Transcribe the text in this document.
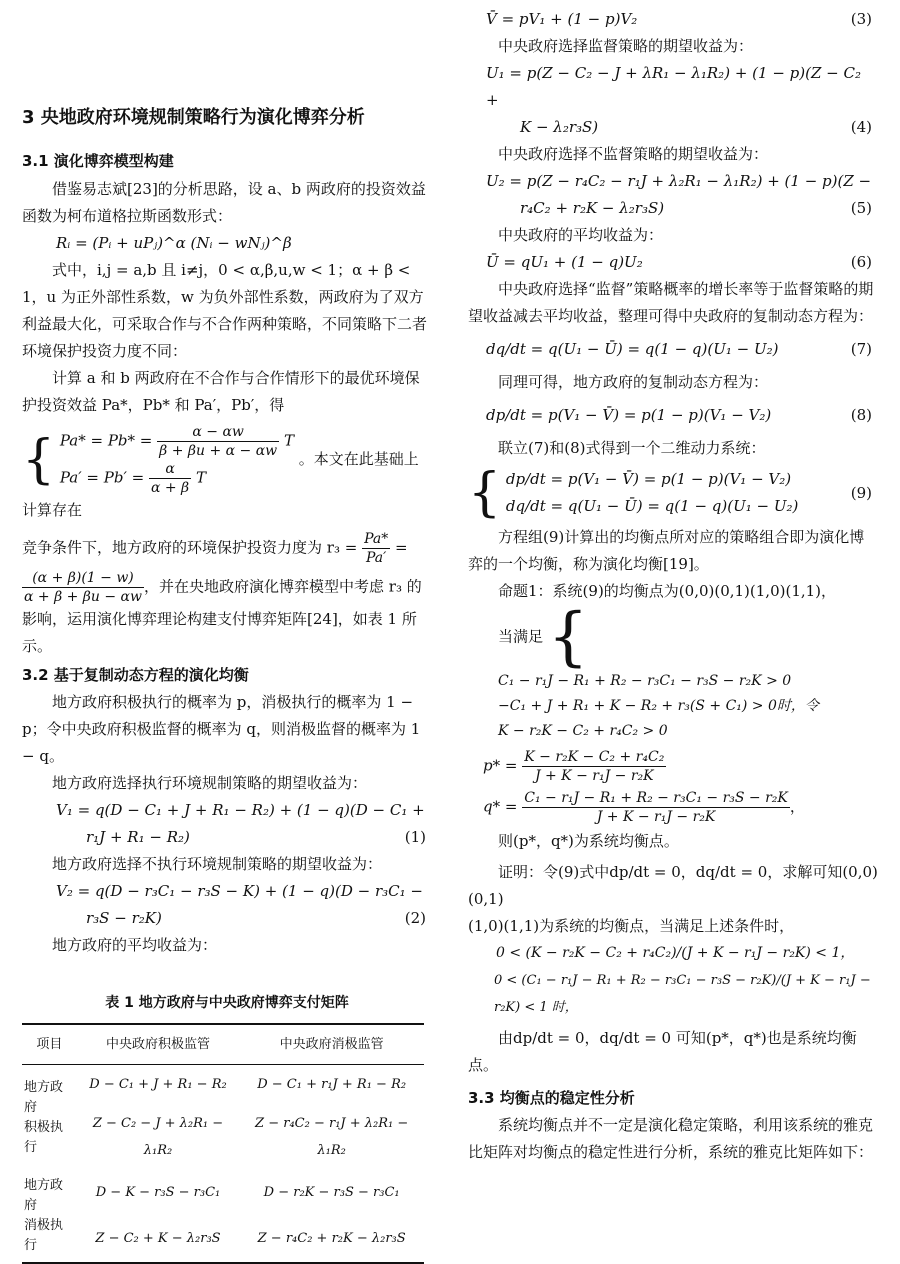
3 央地政府环境规制策略行为演化博弈分析
3.1 演化博弈模型构建

借鉴易志斌[23]的分析思路，设 a、b 两政府的投资效益函数为柯布道格拉斯函数形式：

Rᵢ = (Pᵢ + uPⱼ)^α (Nᵢ − wNⱼ)^β

式中，i,j = a,b 且 i≠j，0 < α,β,u,w < 1；α + β < 1，u 为正外部性系数，w 为负外部性系数，两政府为了双方利益最大化，可采取合作与不合作两种策略，不同策略下二者环境保护投资力度不同：

计算 a 和 b 两政府在不合作与合作情形下的最优环境保护投资效益 Pa*，Pb* 和 Pa′，Pb′，得

{ $Pa* = Pb* = \frac{\alpha - \alpha w}{\beta + \beta u + \alpha - \alpha w}$ T
$Pa' = Pb' = \frac{\alpha}{\alpha + \beta}$ T
。本文在此基础上计算存在
竞争条件下，地方政府的环境保护投资力度为 $r_3 = \frac{Pa*}{Pa'}$ =
$\frac{(\alpha + \beta)(1 - w)}{\alpha + \beta + \beta u - \alpha w}$ ，并在央地政府演化博弈模型中考虑 r₃ 的影响，运用演化博弈理论构建支付博弈矩阵[24]，如表 1 所示。
3.2 基于复制动态方程的演化均衡

地方政府积极执行的概率为 p，消极执行的概率为 1 − p；令中央政府积极监督的概率为 q，则消极监督的概率为 1 − q。

地方政府选择执行环境规制策略的期望收益为：

V₁ = q(D − C₁ + J + R₁ − R₂) + (1 − q)(D − C₁ +
r₁J + R₁ − R₂)	(1)

地方政府选择不执行环境规制策略的期望收益为：

V₂ = q(D − r₃C₁ − r₃S − K) + (1 − q)(D − r₃C₁ −
r₃S − r₂K)	(2)

地方政府的平均收益为：

表 1 地方政府与中央政府博弈支付矩阵
项目	中央政府积极监管	中央政府消极监管
地方政府
积极执行	D − C₁ + J + R₁ − R₂	D − C₁ + r₁J + R₁ − R₂
	Z − C₂ − J + λ₂R₁ − λ₁R₂	Z − r₄C₂ − r₁J + λ₂R₁ − λ₁R₂
地方政府
消极执行	D − K − r₃S − r₃C₁	D − r₂K − r₃S − r₃C₁
	Z − C₂ + K − λ₂r₃S	Z − r₄C₂ + r₂K − λ₂r₃S
V̄ = pV₁ + (1 − p)V₂	(3)

中央政府选择监督策略的期望收益为：

U₁ = p(Z − C₂ − J + λR₁ − λ₁R₂) + (1 − p)(Z − C₂ +
K − λ₂r₃S)	(4)

中央政府选择不监督策略的期望收益为：

U₂ = p(Z − r₄C₂ − r₁J + λ₂R₁ − λ₁R₂) + (1 − p)(Z −
r₄C₂ + r₂K − λ₂r₃S)	(5)

中央政府的平均收益为：

Ū = qU₁ + (1 − q)U₂	(6)

中央政府选择“监督”策略概率的增长率等于监督策略的期望收益减去平均收益，整理可得中央政府的复制动态方程为：

dq/dt = q(U₁ − Ū) = q(1 − q)(U₁ − U₂)	(7)

同理可得，地方政府的复制动态方程为：

dp/dt = p(V₁ − V̄) = p(1 − p)(V₁ − V₂)	(8)

联立(7)和(8)式得到一个二维动力系统：

{ dp/dt = p(V₁ − V̄) = p(1 − p)(V₁ − V₂)
dq/dt = q(U₁ − Ū) = q(1 − q)(U₁ − U₂)
(9)

方程组(9)计算出的均衡点所对应的策略组合即为演化博弈的一个均衡，称为演化均衡[19]。

命题1：系统(9)的均衡点为(0,0)(0,1)(1,0)(1,1)，

当满足 {
C₁ − r₁J − R₁ + R₂ − r₃C₁ − r₃S − r₂K > 0
−C₁ + J + R₁ + K − R₂ + r₃(S + C₁) > 0时，令
K − r₂K − C₂ + r₄C₂ > 0
$p* = \frac{\text{K − r₂K − C₂ + r₄C₂}}{\text{J + K − r₁J − r₂K}}$
$q* = \frac{\text{C₁ − r₁J − R₁ + R₂ − r₃C₁ − r₃S − r₂K}}{\text{J + K − r₁J − r₂K}}$ ，

则(p*，q*)为系统均衡点。

证明：令(9)式中dp/dt = 0，dq/dt = 0，求解可知(0,0)(0,1)

(1,0)(1,1)为系统的均衡点，当满足上述条件时，

0 < (K − r₂K − C₂ + r₄C₂)/(J + K − r₁J − r₂K) < 1，
0 < (C₁ − r₁J − R₁ + R₂ − r₃C₁ − r₃S − r₂K)/(J + K − r₁J − r₂K) < 1 时，

由dp/dt = 0，dq/dt = 0 可知(p*，q*)也是系统均衡点。

3.3 均衡点的稳定性分析

系统均衡点并不一定是演化稳定策略，利用该系统的雅克比矩阵对均衡点的稳定性进行分析，系统的雅克比矩阵如下：
